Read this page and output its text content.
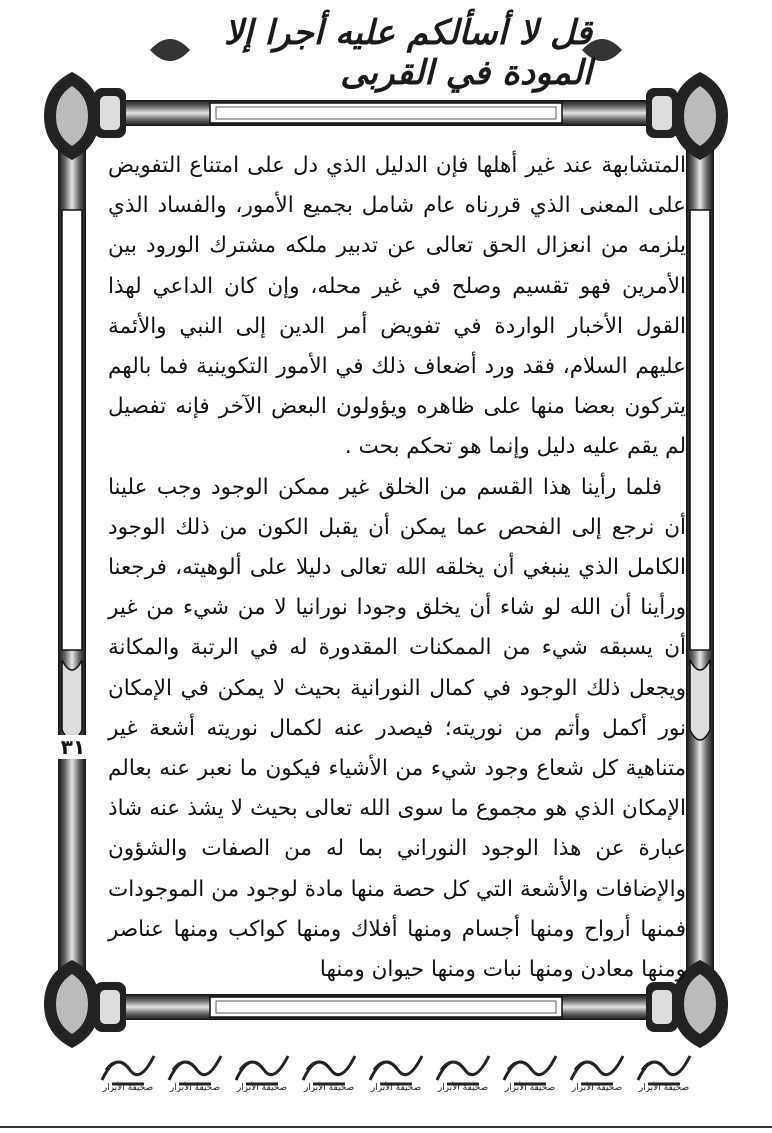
قل لا أسألكم عليه أجرا إلا المودة في القربى

المتشابهة عند غير أهلها فإن الدليل الذي دل على امتناع التفويض على المعنى الذي قررناه عام شامل بجميع الأمور، والفساد الذي يلزمه من انعزال الحق تعالى عن تدبير ملكه مشترك الورود بين الأمرين فهو تقسيم وصلح في غير محله، وإن كان الداعي لهذا القول الأخبار الواردة في تفويض أمر الدين إلى النبي والأئمة عليهم السلام، فقد ورد أضعاف ذلك في الأمور التكوينية فما بالهم يتركون بعضا منها على ظاهره ويؤولون البعض الآخر فإنه تفصيل لم يقم عليه دليل وإنما هو تحكم بحت .

فلما رأينا هذا القسم من الخلق غير ممكن الوجود وجب علينا أن نرجع إلى الفحص عما يمكن أن يقبل الكون من ذلك الوجود الكامل الذي ينبغي أن يخلقه الله تعالى دليلا على ألوهيته، فرجعنا ورأينا أن الله لو شاء أن يخلق وجودا نورانيا لا من شيء من غير أن يسبقه شيء من الممكنات المقدورة له في الرتبة والمكانة ويجعل ذلك الوجود في كمال النورانية بحيث لا يمكن في الإمكان نور أكمل وأتم من نوريته؛ فيصدر عنه لكمال نوريته أشعة غير متناهية كل شعاع وجود شيء من الأشياء فيكون ما نعبر عنه بعالم الإمكان الذي هو مجموع ما سوى الله تعالى بحيث لا يشذ عنه شاذ عبارة عن هذا الوجود النوراني بما له من الصفات والشؤون والإضافات والأشعة التي كل حصة منها مادة لوجود من الموجودات فمنها أرواح ومنها أجسام ومنها أفلاك ومنها كواكب ومنها عناصر ومنها معادن ومنها نبات ومنها حيوان ومنها

٣١
صحيفة الأبرار
صحيفة الأبرار
صحيفة الأبرار
صحيفة الأبرار
صحيفة الأبرار
صحيفة الأبرار
صحيفة الأبرار
صحيفة الأبرار
صحيفة الأبرار
